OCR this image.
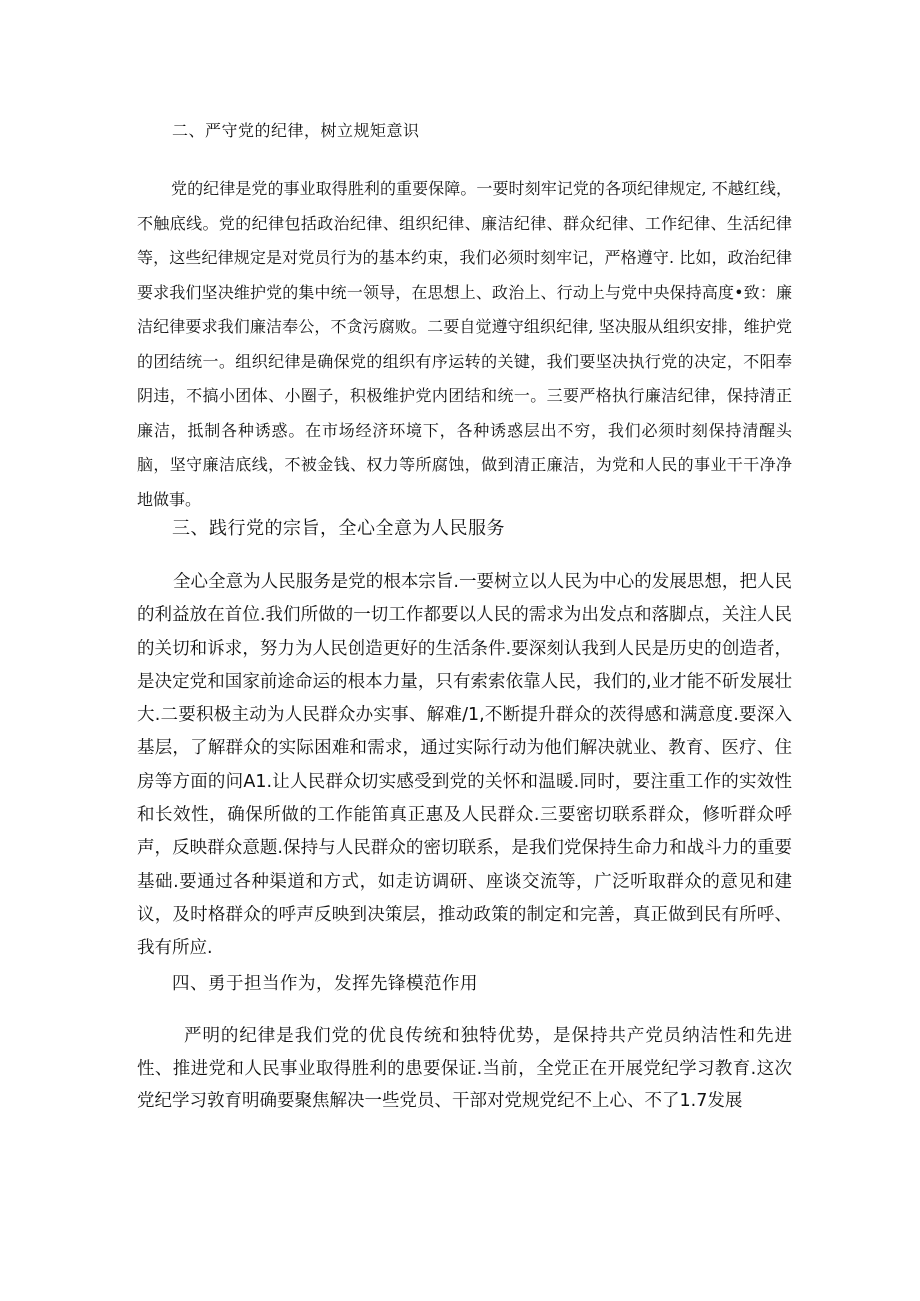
二、严守党的纪律，树立规矩意识

党的纪律是党的事业取得胜利的重要保障。一要时刻牢记党的各项纪律规定, 不越红线，不触底线。党的纪律包括政治纪律、组织纪律、廉洁纪律、群众纪律、工作纪律、生活纪律等，这些纪律规定是对党员行为的基本约束，我们必须时刻牢记，严格遵守. 比如，政治纪律要求我们坚决维护党的集中统一领导，在思想上、政治上、行动上与党中央保持高度•致：廉洁纪律要求我们廉洁奉公，不贪污腐败。二要自觉遵守组织纪律, 坚决服从组织安排，维护党的团结统一。组织纪律是确保党的组织有序运转的关键，我们要坚决执行党的决定，不阳奉阴违，不搞小团体、小圈子，积极维护党内团结和统一。三要严格执行廉洁纪律，保持清正廉洁，抵制各种诱惑。在市场经济环境下，各种诱惑层出不穷，我们必须时刻保持清醒头脑，坚守廉洁底线，不被金钱、权力等所腐蚀，做到清正廉洁，为党和人民的事业干干净净地做事。

三、践行党的宗旨，全心全意为人民服务

全心全意为人民服务是党的根本宗旨.一要树立以人民为中心的发展思想，把人民的利益放在首位.我们所做的一切工作都要以人民的需求为出发点和落脚点，关注人民的关切和诉求，努力为人民创造更好的生活条件.要深刻认我到人民是历史的创造者，是决定党和国家前途命运的根本力量，只有索索依靠人民，我们的,业才能不斫发展壮大.二要积极主动为人民群众办实事、解难/1,不断提升群众的茨得感和满意度.要深入基层，了解群众的实际困难和需求，通过实际行动为他们解决就业、教育、医疗、住房等方面的问A1.让人民群众切实感受到党的关怀和温暖.同时，要注重工作的实效性和长效性，确保所做的工作能笛真正惠及人民群众.三要密切联系群众，修听群众呼声，反映群众意题.保持与人民群众的密切联系，是我们党保持生命力和战斗力的重要基础.要通过各种渠道和方式，如走访调研、座谈交流等，广泛听取群众的意见和建议，及时格群众的呼声反映到决策层，推动政策的制定和完善，真正做到民有所呼、我有所应.

四、勇于担当作为，发挥先锋模范作用

严明的纪律是我们党的优良传统和独特优势，是保持共产党员纳洁性和先进性、推进党和人民事业取得胜利的患要保证.当前，全党正在开展党纪学习教育.这次党纪学习敦育明确要聚焦解决一些党员、干部对党规党纪不上心、不了1.7发展
